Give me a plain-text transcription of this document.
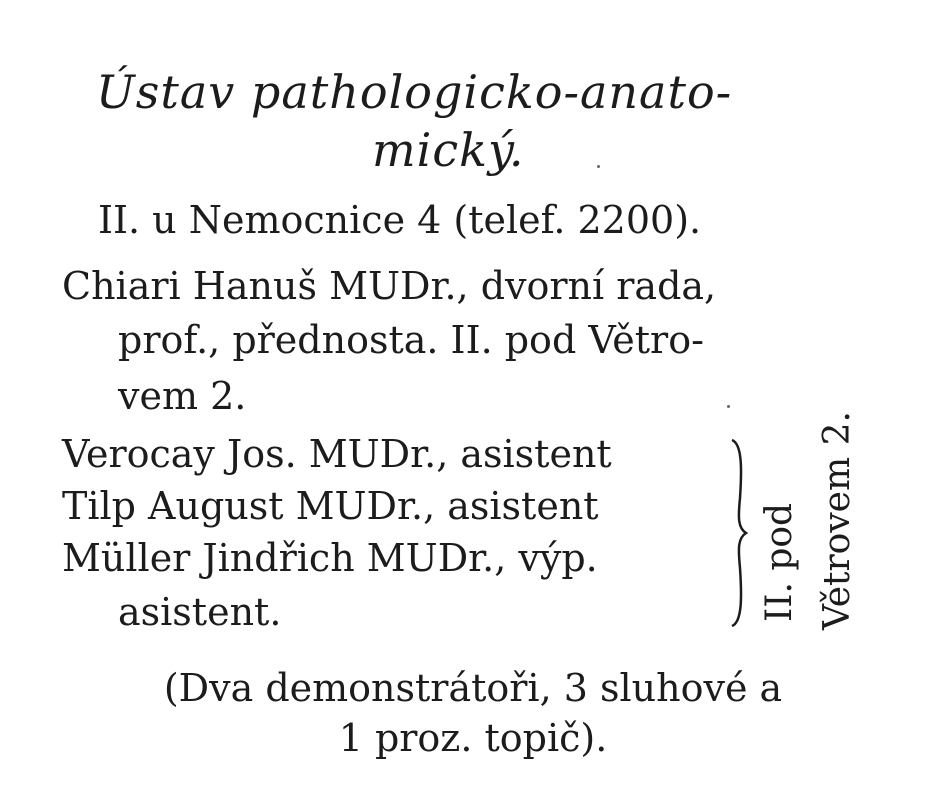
Ústav pathologicko-anato-
mický.
II. u Nemocnice 4 (telef. 2200).
Chiari Hanuš MUDr., dvorní rada,
prof., přednosta. II. pod Větro-
vem 2.
Verocay Jos. MUDr., asistent
Tilp August MUDr., asistent
Müller Jindřich MUDr., výp.
asistent.	II. pod Větrovem 2.
(Dva demonstrátoři, 3 sluhové a
1 proz. topič).
